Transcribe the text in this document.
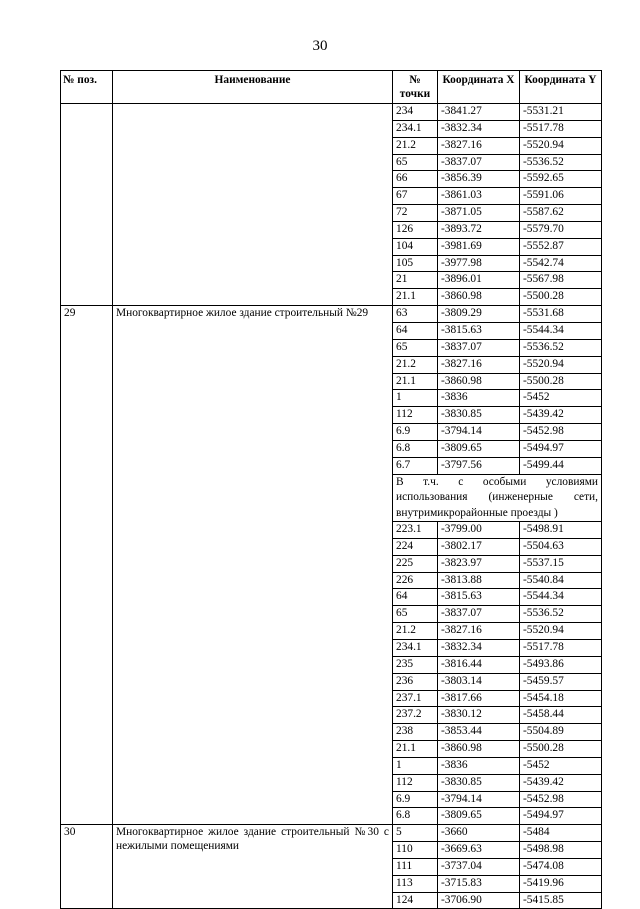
30
№ поз.	Наименование	№ точки	Координата X	Координата Y
		234	-3841.27	-5531.21
		234.1	-3832.34	-5517.78
		21.2	-3827.16	-5520.94
		65	-3837.07	-5536.52
		66	-3856.39	-5592.65
		67	-3861.03	-5591.06
		72	-3871.05	-5587.62
		126	-3893.72	-5579.70
		104	-3981.69	-5552.87
		105	-3977.98	-5542.74
		21	-3896.01	-5567.98
		21.1	-3860.98	-5500.28
29	Многоквартирное жилое здание строительный №29	63	-3809.29	-5531.68
		64	-3815.63	-5544.34
		65	-3837.07	-5536.52
		21.2	-3827.16	-5520.94
		21.1	-3860.98	-5500.28
		1	-3836	-5452
		112	-3830.85	-5439.42
		6.9	-3794.14	-5452.98
		6.8	-3809.65	-5494.97
		6.7	-3797.56	-5499.44
		В т.ч. с особыми условиями использования (инженерные сети, внутримикрорайонные проезды )		
		223.1	-3799.00	-5498.91
		224	-3802.17	-5504.63
		225	-3823.97	-5537.15
		226	-3813.88	-5540.84
		64	-3815.63	-5544.34
		65	-3837.07	-5536.52
		21.2	-3827.16	-5520.94
		234.1	-3832.34	-5517.78
		235	-3816.44	-5493.86
		236	-3803.14	-5459.57
		237.1	-3817.66	-5454.18
		237.2	-3830.12	-5458.44
		238	-3853.44	-5504.89
		21.1	-3860.98	-5500.28
		1	-3836	-5452
		112	-3830.85	-5439.42
		6.9	-3794.14	-5452.98
		6.8	-3809.65	-5494.97
30	Многоквартирное жилое здание строительный №30 с нежилыми помещениями	5	-3660	-5484
		110	-3669.63	-5498.98
		111	-3737.04	-5474.08
		113	-3715.83	-5419.96
		124	-3706.90	-5415.85
